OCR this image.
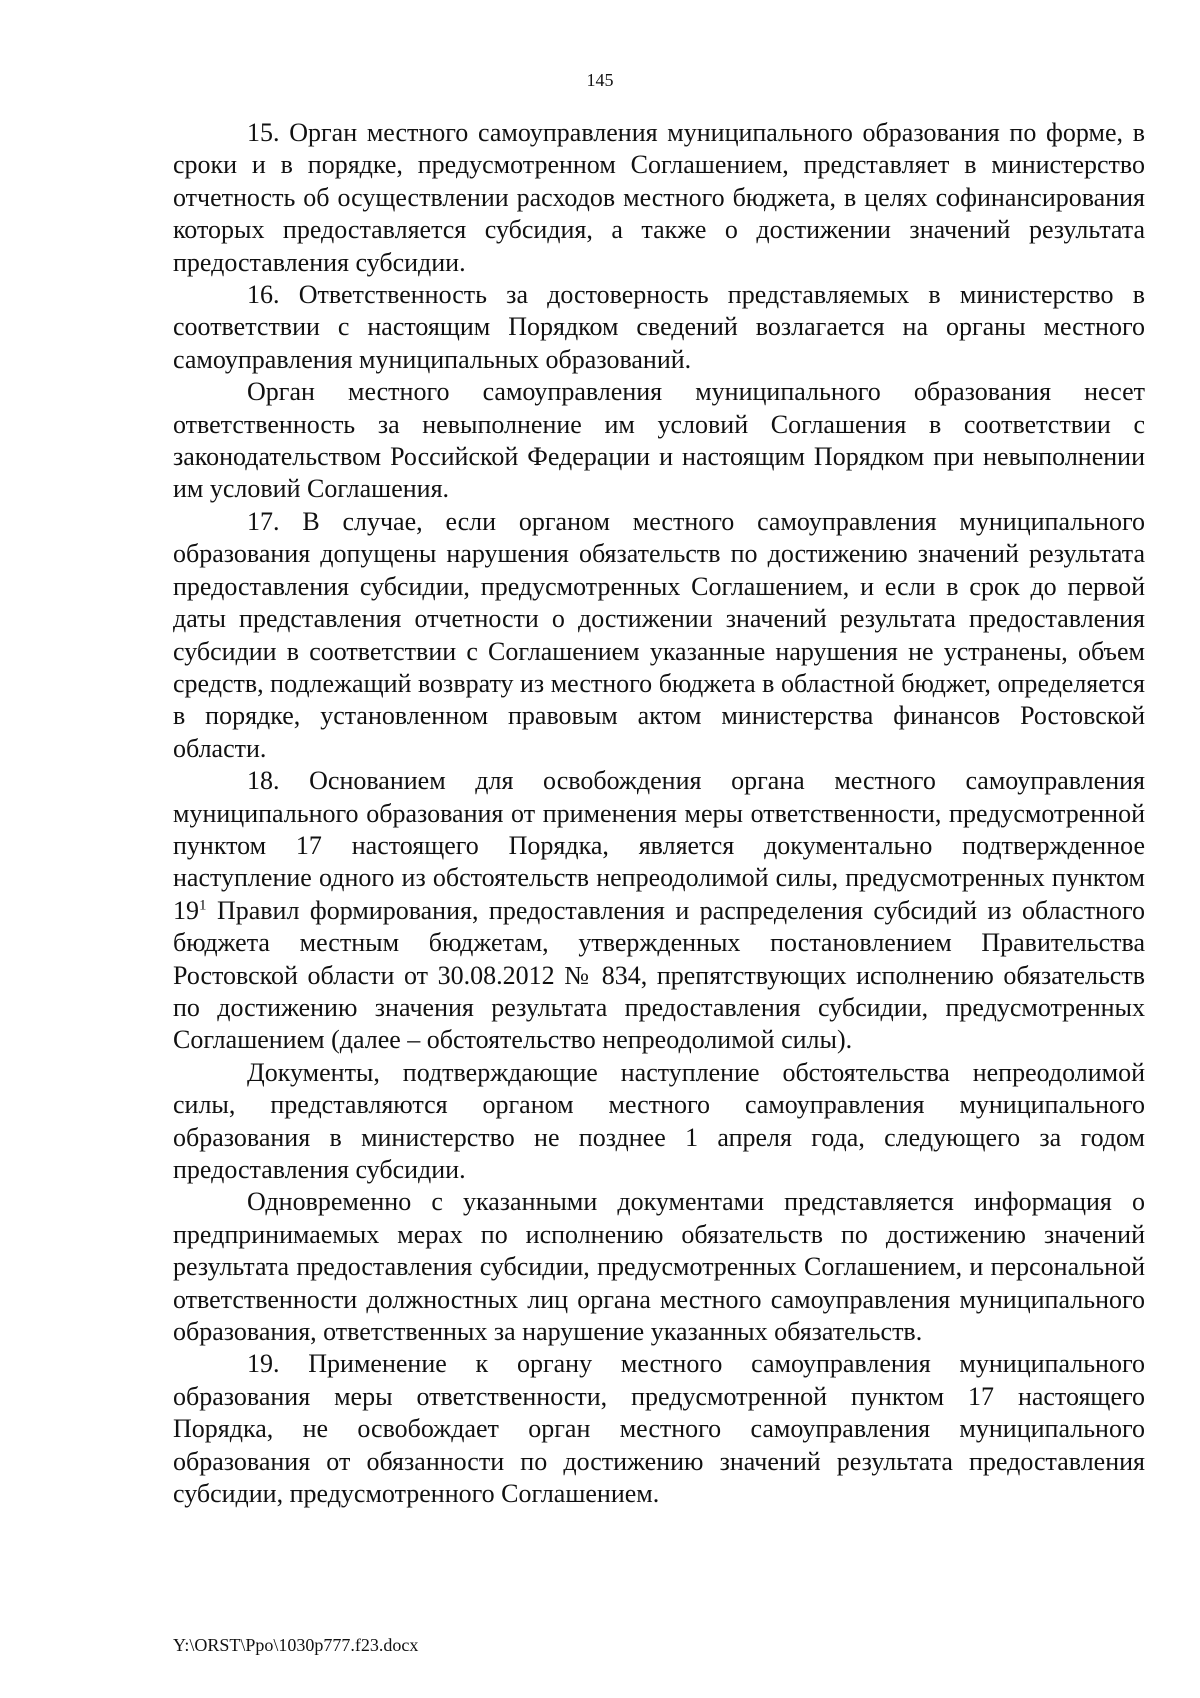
145

15. Орган местного самоуправления муниципального образования по форме, в сроки и в порядке, предусмотренном Соглашением, представляет в министерство отчетность об осуществлении расходов местного бюджета, в целях софинансирования которых предоставляется субсидия, а также о достижении значений результата предоставления субсидии.

16. Ответственность за достоверность представляемых в министерство в соответствии с настоящим Порядком сведений возлагается на органы местного самоуправления муниципальных образований.

Орган местного самоуправления муниципального образования несет ответственность за невыполнение им условий Соглашения в соответствии с законодательством Российской Федерации и настоящим Порядком при невыполнении им условий Соглашения.

17. В случае, если органом местного самоуправления муниципального образования допущены нарушения обязательств по достижению значений результата предоставления субсидии, предусмотренных Соглашением, и если в срок до первой даты представления отчетности о достижении значений результата предоставления субсидии в соответствии с Соглашением указанные нарушения не устранены, объем средств, подлежащий возврату из местного бюджета в областной бюджет, определяется в порядке, установленном правовым актом министерства финансов Ростовской области.

18. Основанием для освобождения органа местного самоуправления муниципального образования от применения меры ответственности, предусмотренной пунктом 17 настоящего Порядка, является документально подтвержденное наступление одного из обстоятельств непреодолимой силы, предусмотренных пунктом $19^1$ Правил формирования, предоставления и распределения субсидий из областного бюджета местным бюджетам, утвержденных постановлением Правительства Ростовской области от 30.08.2012 № 834, препятствующих исполнению обязательств по достижению значения результата предоставления субсидии, предусмотренных Соглашением (далее – обстоятельство непреодолимой силы).

Документы, подтверждающие наступление обстоятельства непреодолимой силы, представляются органом местного самоуправления муниципального образования в министерство не позднее 1 апреля года, следующего за годом предоставления субсидии.

Одновременно с указанными документами представляется информация о предпринимаемых мерах по исполнению обязательств по достижению значений результата предоставления субсидии, предусмотренных Соглашением, и персональной ответственности должностных лиц органа местного самоуправления муниципального образования, ответственных за нарушение указанных обязательств.

19. Применение к органу местного самоуправления муниципального образования меры ответственности, предусмотренной пунктом 17 настоящего Порядка, не освобождает орган местного самоуправления муниципального образования от обязанности по достижению значений результата предоставления субсидии, предусмотренного Соглашением.

Y:\ORST\Ppo\1030p777.f23.docx
